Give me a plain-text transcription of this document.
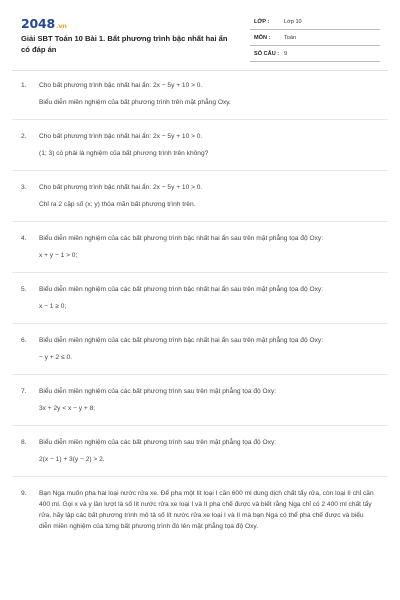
2048.vn
Giải SBT Toán 10 Bài 1. Bất phương trình bậc nhất hai ẩn có đáp án
LỚP :	Lớp 10
MÔN : Toán
SỐ CÂU : 9
1. Cho bất phương trình bậc nhất hai ẩn: 2x − 5y + 10 > 0.
Biểu diễn miền nghiệm của bất phương trình trên mặt phẳng Oxy.
2. Cho bất phương trình bậc nhất hai ẩn: 2x − 5y + 10 > 0.
(1; 3) có phải là nghiệm của bất phương trình trên không?
3. Cho bất phương trình bậc nhất hai ẩn: 2x − 5y + 10 > 0.
Chỉ ra 2 cặp số (x; y) thỏa mãn bất phương trình trên.
4. Biểu diễn miền nghiệm của các bất phương trình bậc nhất hai ẩn sau trên mặt phẳng tọa độ Oxy:
x + y − 1 > 0;
5. Biểu diễn miền nghiệm của các bất phương trình bậc nhất hai ẩn sau trên mặt phẳng tọa độ Oxy:
x − 1 ≥ 0;
6. Biểu diễn miền nghiệm của các bất phương trình bậc nhất hai ẩn sau trên mặt phẳng tọa độ Oxy:
− y + 2 ≤ 0.
7. Biểu diễn miền nghiệm của các bất phương trình sau trên mặt phẳng tọa độ Oxy:
3x + 2y < x − y + 8;
8. Biểu diễn miền nghiệm của các bất phương trình sau trên mặt phẳng tọa độ Oxy:
2(x − 1) + 3(y − 2) > 2.
9. Bạn Nga muốn pha hai loại nước rửa xe. Để pha một lít loại I cần 600 ml dung dịch chất tẩy rửa, còn loại II chỉ cần 400 ml. Gọi x và y lần lượt là số lít nước rửa xe loại I và II pha chế được và biết rằng Nga chỉ có 2 400 ml chất tẩy rửa, hãy lập các bất phương trình mô tả số lít nước rửa xe loại I và II mà bạn Nga có thể pha chế được và biểu diễn miền nghiệm của từng bất phương trình đó lên mặt phẳng tọa độ Oxy.
